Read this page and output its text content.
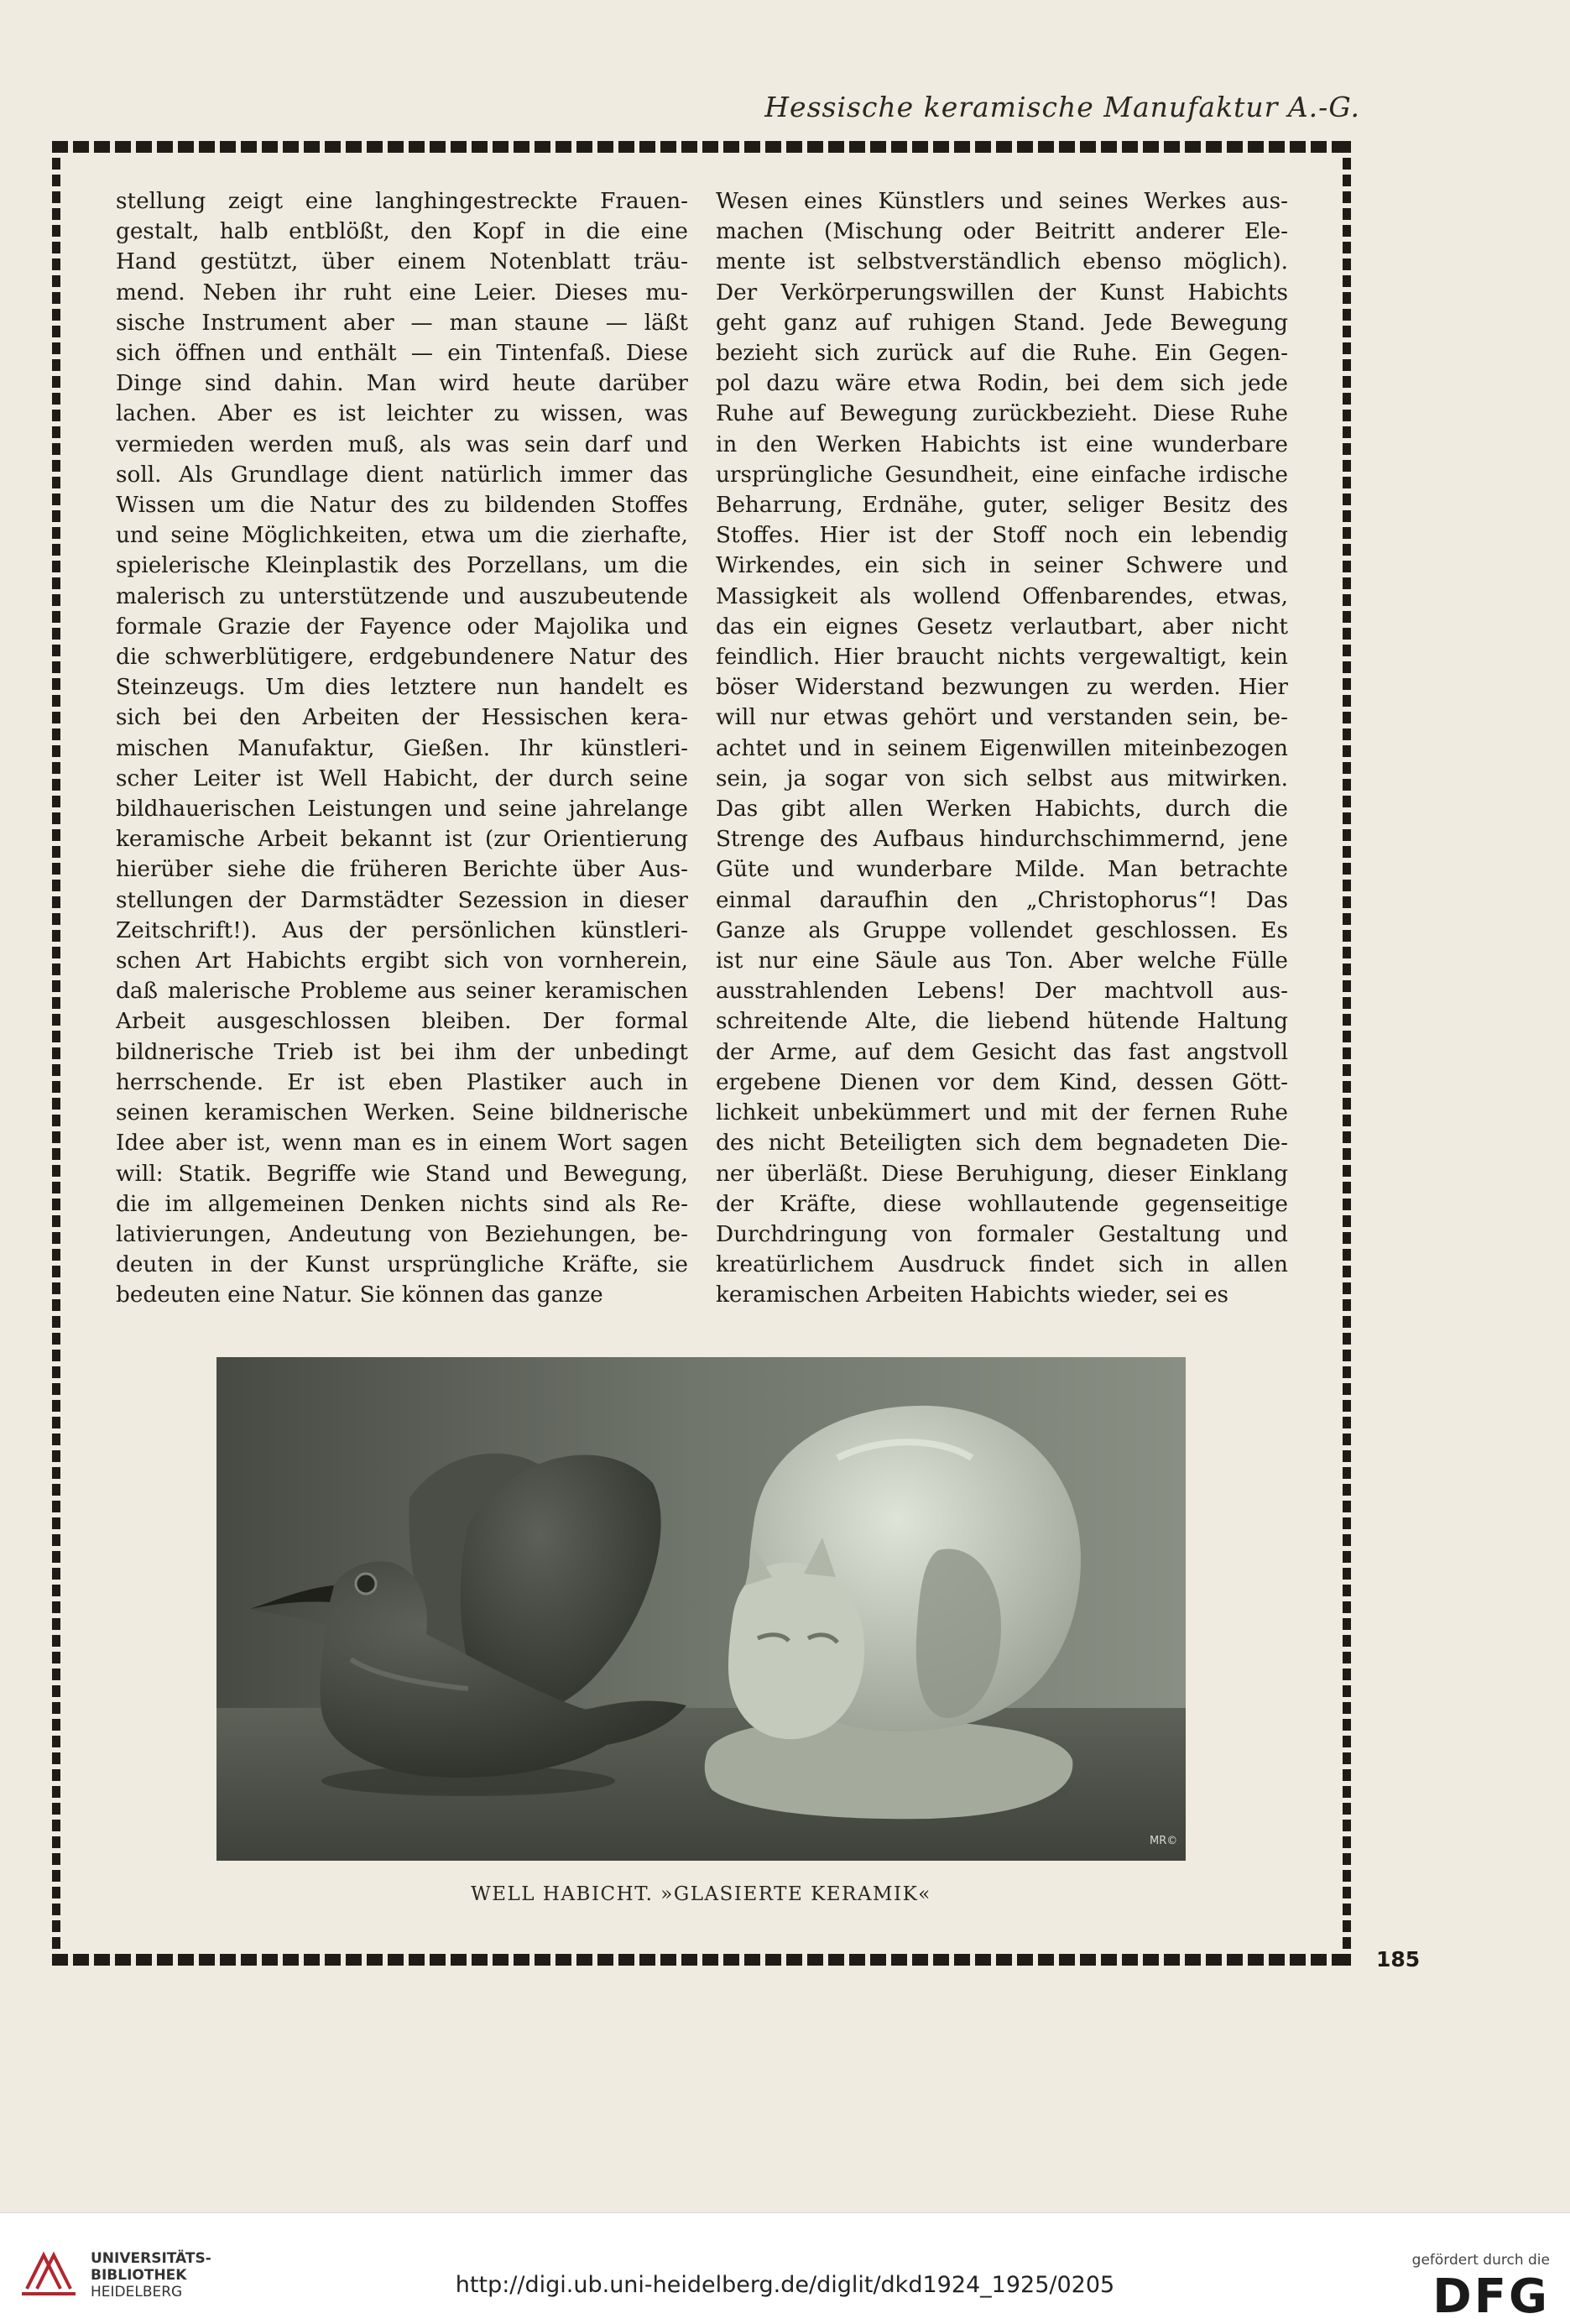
Hessische keramische Manufaktur A.-G.
185
stellung zeigt eine langhingestreckte Frauen-
gestalt, halb entblößt, den Kopf in die eine
Hand gestützt, über einem Notenblatt träu-
mend. Neben ihr ruht eine Leier. Dieses mu-
sische Instrument aber — man staune — läßt
sich öffnen und enthält — ein Tintenfaß. Diese
Dinge sind dahin. Man wird heute darüber
lachen. Aber es ist leichter zu wissen, was
vermieden werden muß, als was sein darf und
soll. Als Grundlage dient natürlich immer das
Wissen um die Natur des zu bildenden Stoffes
und seine Möglichkeiten, etwa um die zierhafte,
spielerische Kleinplastik des Porzellans, um die
malerisch zu unterstützende und auszubeutende
formale Grazie der Fayence oder Majolika und
die schwerblütigere, erdgebundenere Natur des
Steinzeugs. Um dies letztere nun handelt es
sich bei den Arbeiten der Hessischen kera-
mischen Manufaktur, Gießen. Ihr künstleri-
scher Leiter ist Well Habicht, der durch seine
bildhauerischen Leistungen und seine jahrelange
keramische Arbeit bekannt ist (zur Orientierung
hierüber siehe die früheren Berichte über Aus-
stellungen der Darmstädter Sezession in dieser
Zeitschrift!). Aus der persönlichen künstleri-
schen Art Habichts ergibt sich von vornherein,
daß malerische Probleme aus seiner keramischen
Arbeit ausgeschlossen bleiben. Der formal
bildnerische Trieb ist bei ihm der unbedingt
herrschende. Er ist eben Plastiker auch in
seinen keramischen Werken. Seine bildnerische
Idee aber ist, wenn man es in einem Wort sagen
will: Statik. Begriffe wie Stand und Bewegung,
die im allgemeinen Denken nichts sind als Re-
lativierungen, Andeutung von Beziehungen, be-
deuten in der Kunst ursprüngliche Kräfte, sie
bedeuten eine Natur. Sie können das ganze
Wesen eines Künstlers und seines Werkes aus-
machen (Mischung oder Beitritt anderer Ele-
mente ist selbstverständlich ebenso möglich).
Der Verkörperungswillen der Kunst Habichts
geht ganz auf ruhigen Stand. Jede Bewegung
bezieht sich zurück auf die Ruhe. Ein Gegen-
pol dazu wäre etwa Rodin, bei dem sich jede
Ruhe auf Bewegung zurückbezieht. Diese Ruhe
in den Werken Habichts ist eine wunderbare
ursprüngliche Gesundheit, eine einfache irdische
Beharrung, Erdnähe, guter, seliger Besitz des
Stoffes. Hier ist der Stoff noch ein lebendig
Wirkendes, ein sich in seiner Schwere und
Massigkeit als wollend Offenbarendes, etwas,
das ein eignes Gesetz verlautbart, aber nicht
feindlich. Hier braucht nichts vergewaltigt, kein
böser Widerstand bezwungen zu werden. Hier
will nur etwas gehört und verstanden sein, be-
achtet und in seinem Eigenwillen miteinbezogen
sein, ja sogar von sich selbst aus mitwirken.
Das gibt allen Werken Habichts, durch die
Strenge des Aufbaus hindurchschimmernd, jene
Güte und wunderbare Milde. Man betrachte
einmal daraufhin den „Christophorus“! Das
Ganze als Gruppe vollendet geschlossen. Es
ist nur eine Säule aus Ton. Aber welche Fülle
ausstrahlenden Lebens! Der machtvoll aus-
schreitende Alte, die liebend hütende Haltung
der Arme, auf dem Gesicht das fast angstvoll
ergebene Dienen vor dem Kind, dessen Gött-
lichkeit unbekümmert und mit der fernen Ruhe
des nicht Beteiligten sich dem begnadeten Die-
ner überläßt. Diese Beruhigung, dieser Einklang
der Kräfte, diese wohllautende gegenseitige
Durchdringung von formaler Gestaltung und
kreatürlichem Ausdruck findet sich in allen
keramischen Arbeiten Habichts wieder, sei es
MR©
WELL HABICHT. »GLASIERTE KERAMIK«
UNIVERSITÄTS-
BIBLIOTHEK
HEIDELBERG	http://digi.ub.uni-heidelberg.de/diglit/dkd1924_1925/0205
gefördert durch die
DFG
